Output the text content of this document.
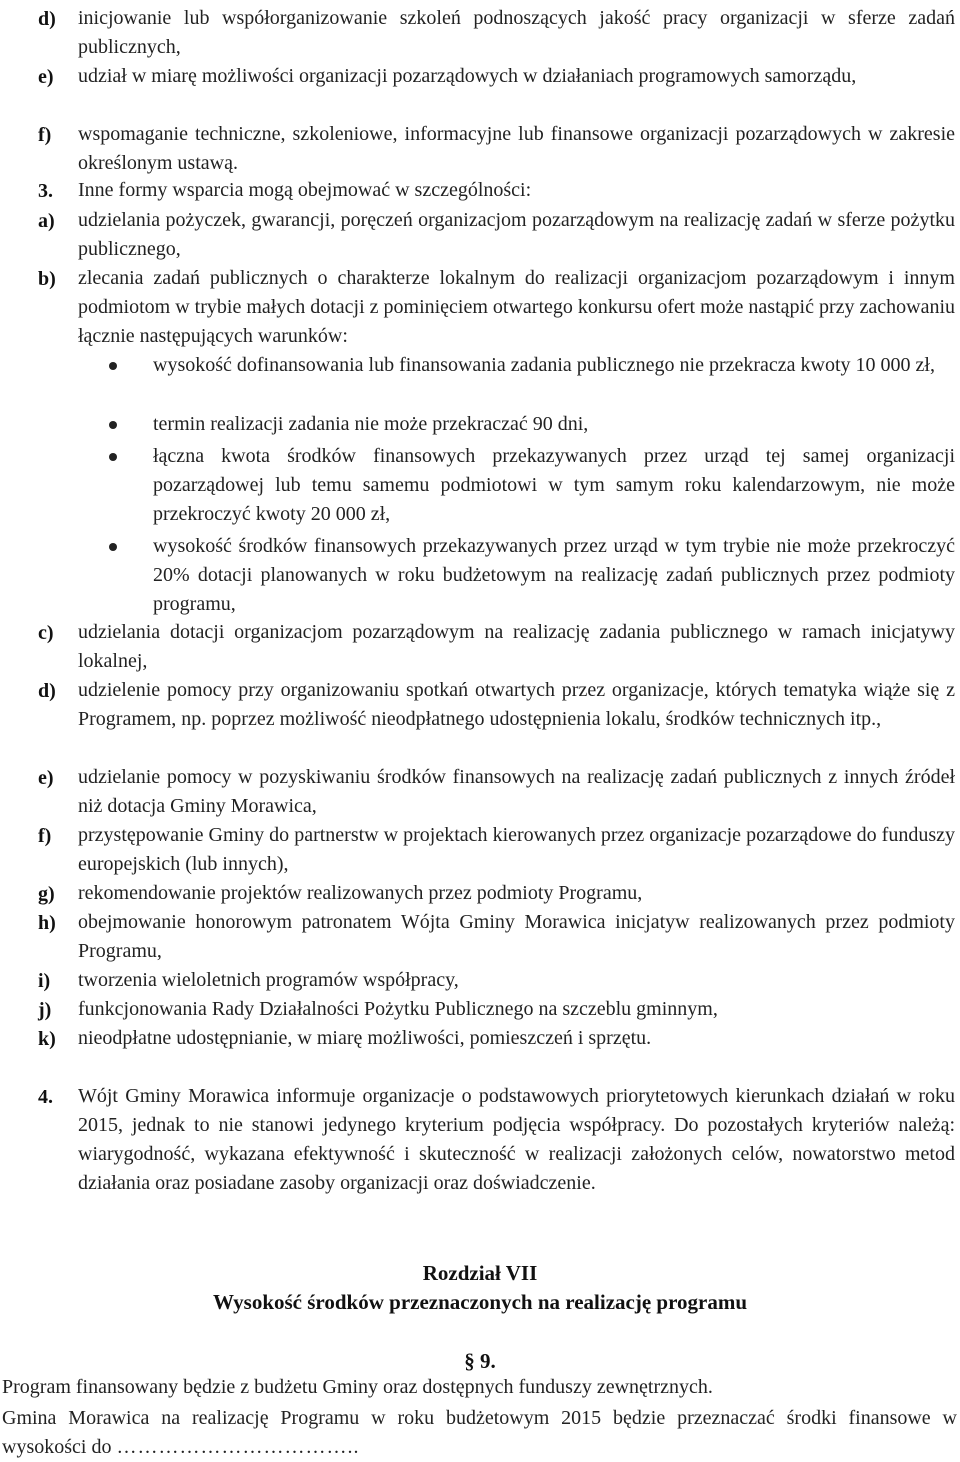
d) inicjowanie lub współorganizowanie szkoleń podnoszących jakość pracy organizacji w sferze zadań publicznych,
e) udział w miarę możliwości organizacji pozarządowych w działaniach programowych samorządu,
f) wspomaganie techniczne, szkoleniowe, informacyjne lub finansowe organizacji pozarządowych w zakresie określonym ustawą.
3. Inne formy wsparcia mogą obejmować w szczególności:
a) udzielania pożyczek, gwarancji, poręczeń organizacjom pozarządowym na realizację zadań w sferze pożytku publicznego,
b) zlecania zadań publicznych o charakterze lokalnym do realizacji organizacjom pozarządowym i innym podmiotom w trybie małych dotacji z pominięciem otwartego konkursu ofert może nastąpić przy zachowaniu łącznie następujących warunków:
wysokość dofinansowania lub finansowania zadania publicznego nie przekracza kwoty 10 000 zł,
termin realizacji zadania nie może przekraczać 90 dni,
łączna kwota środków finansowych przekazywanych przez urząd tej samej organizacji pozarządowej lub temu samemu podmiotowi w tym samym roku kalendarzowym, nie może przekroczyć kwoty 20 000 zł,
wysokość środków finansowych przekazywanych przez urząd w tym trybie nie może przekroczyć 20% dotacji planowanych w roku budżetowym na realizację zadań publicznych przez podmioty programu,
c) udzielania dotacji organizacjom pozarządowym na realizację zadania publicznego w ramach inicjatywy lokalnej,
d) udzielenie pomocy przy organizowaniu spotkań otwartych przez organizacje, których tematyka wiąże się z Programem, np. poprzez możliwość nieodpłatnego udostępnienia lokalu, środków technicznych itp.,
e) udzielanie pomocy w pozyskiwaniu środków finansowych na realizację zadań publicznych z innych źródeł niż dotacja Gminy Morawica,
f) przystępowanie Gminy do partnerstw w projektach kierowanych przez organizacje pozarządowe do funduszy europejskich (lub innych),
g) rekomendowanie projektów realizowanych przez podmioty Programu,
h) obejmowanie honorowym patronatem Wójta Gminy Morawica inicjatyw realizowanych przez podmioty Programu,
i) tworzenia wieloletnich programów współpracy,
j) funkcjonowania Rady Działalności Pożytku Publicznego na szczeblu gminnym,
k) nieodpłatne udostępnianie, w miarę możliwości, pomieszczeń i sprzętu.
4. Wójt Gminy Morawica informuje organizacje o podstawowych priorytetowych kierunkach działań w roku 2015, jednak to nie stanowi jedynego kryterium podjęcia współpracy. Do pozostałych kryteriów należą: wiarygodność, wykazana efektywność i skuteczność w realizacji założonych celów, nowatorstwo metod działania oraz posiadane zasoby organizacji oraz doświadczenie.
Rozdział VII
Wysokość środków przeznaczonych na realizację programu
§ 9.
Program finansowany będzie z budżetu Gminy oraz dostępnych funduszy zewnętrznych.
Gmina Morawica na realizację Programu w roku budżetowym 2015 będzie przeznaczać środki finansowe w wysokości do ……………………………..
